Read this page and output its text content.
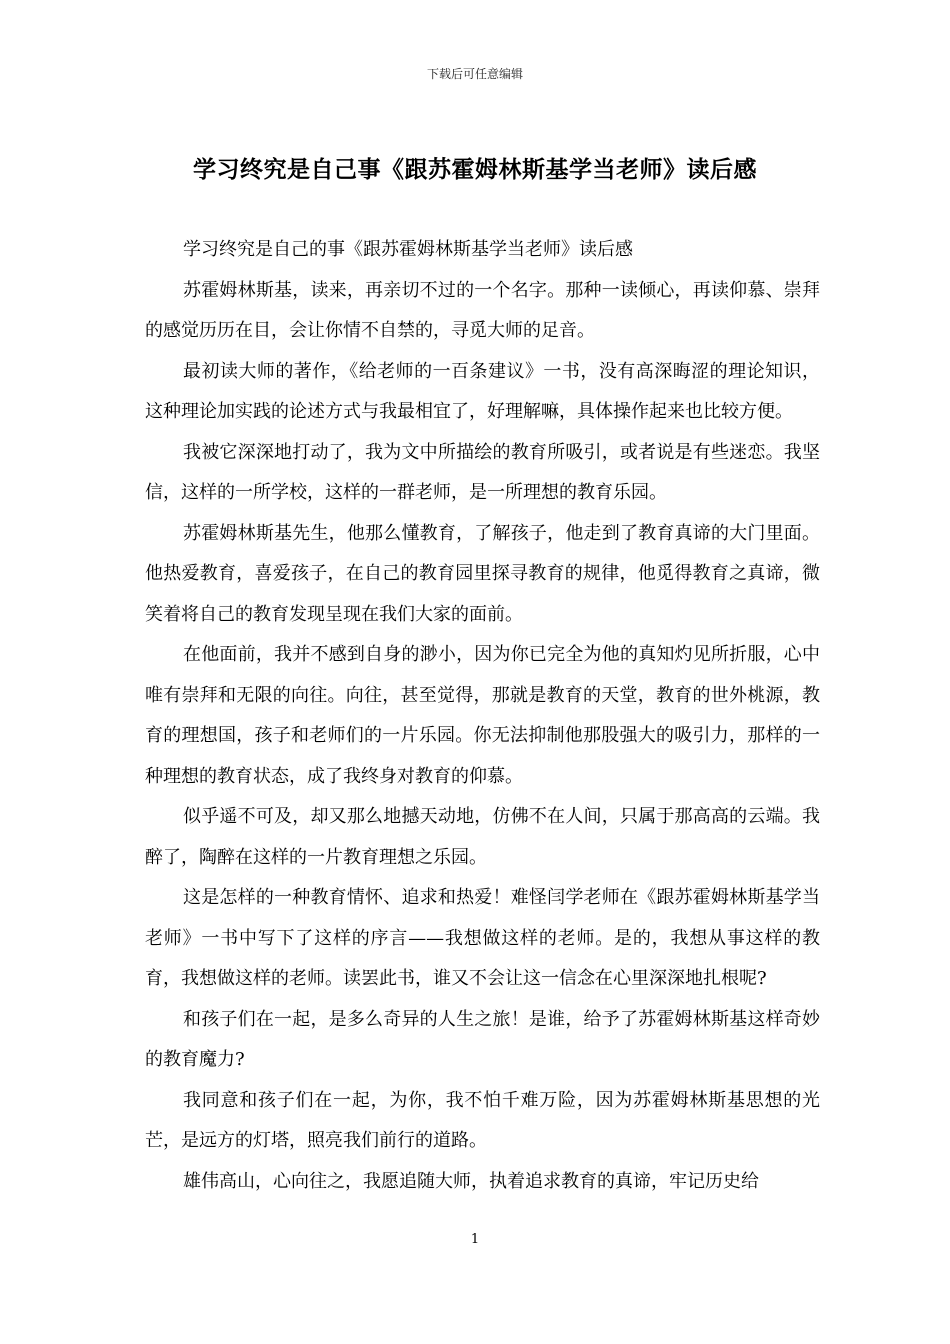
下载后可任意编辑
学习终究是自己事《跟苏霍姆林斯基学当老师》读后感

学习终究是自己的事《跟苏霍姆林斯基学当老师》读后感

苏霍姆林斯基，读来，再亲切不过的一个名字。那种一读倾心，再读仰慕、崇拜的感觉历历在目，会让你情不自禁的，寻觅大师的足音。

最初读大师的著作，《给老师的一百条建议》一书，没有高深晦涩的理论知识，这种理论加实践的论述方式与我最相宜了，好理解嘛，具体操作起来也比较方便。

我被它深深地打动了，我为文中所描绘的教育所吸引，或者说是有些迷恋。我坚信，这样的一所学校，这样的一群老师，是一所理想的教育乐园。

苏霍姆林斯基先生，他那么懂教育，了解孩子，他走到了教育真谛的大门里面。他热爱教育，喜爱孩子，在自己的教育园里探寻教育的规律，他觅得教育之真谛，微笑着将自己的教育发现呈现在我们大家的面前。

在他面前，我并不感到自身的渺小，因为你已完全为他的真知灼见所折服，心中唯有崇拜和无限的向往。向往，甚至觉得，那就是教育的天堂，教育的世外桃源，教育的理想国，孩子和老师们的一片乐园。你无法抑制他那股强大的吸引力，那样的一种理想的教育状态，成了我终身对教育的仰慕。

似乎遥不可及，却又那么地撼天动地，仿佛不在人间，只属于那高高的云端。我醉了，陶醉在这样的一片教育理想之乐园。

这是怎样的一种教育情怀、追求和热爱！难怪闫学老师在《跟苏霍姆林斯基学当老师》一书中写下了这样的序言——我想做这样的老师。是的，我想从事这样的教育，我想做这样的老师。读罢此书，谁又不会让这一信念在心里深深地扎根呢?

和孩子们在一起，是多么奇异的人生之旅！是谁，给予了苏霍姆林斯基这样奇妙的教育魔力?

我同意和孩子们在一起，为你，我不怕千难万险，因为苏霍姆林斯基思想的光芒，是远方的灯塔，照亮我们前行的道路。

雄伟高山，心向往之，我愿追随大师，执着追求教育的真谛，牢记历史给

1
